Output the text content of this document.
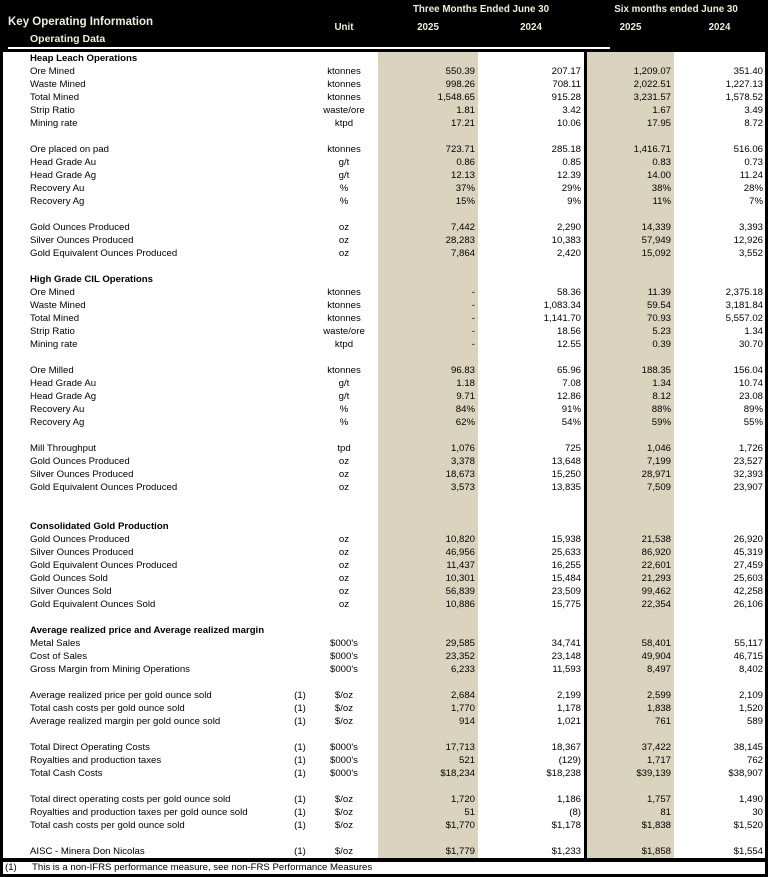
Key Operating Information
Operating Data
Unit
Three Months Ended June 30	Six months ended June 30
2025	2024	2025	2024
Heap Leach Operations
Ore Mined	ktonnes	550.39	207.17	1,209.07	351.40
Waste Mined	ktonnes	998.26	708.11	2,022.51	1,227.13
Total Mined	ktonnes	1,548.65	915.28	3,231.57	1,578.52
Strip Ratio	waste/ore	1.81	3.42	1.67	3.49
Mining rate	ktpd	17.21	10.06	17.95	8.72
Ore placed on pad	ktonnes	723.71	285.18	1,416.71	516.06
Head Grade Au	g/t	0.86	0.85	0.83	0.73
Head Grade Ag	g/t	12.13	12.39	14.00	11.24
Recovery Au	%	37%	29%	38%	28%
Recovery Ag	%	15%	9%	11%	7%
Gold Ounces Produced	oz	7,442	2,290	14,339	3,393
Silver Ounces Produced	oz	28,283	10,383	57,949	12,926
Gold Equivalent Ounces Produced	oz	7,864	2,420	15,092	3,552
High Grade CIL Operations
Ore Mined	ktonnes	-	58.36	11.39	2,375.18
Waste Mined	ktonnes	-	1,083.34	59.54	3,181.84
Total Mined	ktonnes	-	1,141.70	70.93	5,557.02
Strip Ratio	waste/ore	-	18.56	5.23	1.34
Mining rate	ktpd	-	12.55	0.39	30.70
Ore Milled	ktonnes	96.83	65.96	188.35	156.04
Head Grade Au	g/t	1.18	7.08	1.34	10.74
Head Grade Ag	g/t	9.71	12.86	8.12	23.08
Recovery Au	%	84%	91%	88%	89%
Recovery Ag	%	62%	54%	59%	55%
Mill Throughput	tpd	1,076	725	1,046	1,726
Gold Ounces Produced	oz	3,378	13,648	7,199	23,527
Silver Ounces Produced	oz	18,673	15,250	28,971	32,393
Gold Equivalent Ounces Produced	oz	3,573	13,835	7,509	23,907
Consolidated Gold Production
Gold Ounces Produced	oz	10,820	15,938	21,538	26,920
Silver Ounces Produced	oz	46,956	25,633	86,920	45,319
Gold Equivalent Ounces Produced	oz	11,437	16,255	22,601	27,459
Gold Ounces Sold	oz	10,301	15,484	21,293	25,603
Silver Ounces Sold	oz	56,839	23,509	99,462	42,258
Gold Equivalent Ounces Sold	oz	10,886	15,775	22,354	26,106
Average realized price and Average realized margin
Metal Sales	$000's	29,585	34,741	58,401	55,117
Cost of Sales	$000's	23,352	23,148	49,904	46,715
Gross Margin from Mining Operations	$000's	6,233	11,593	8,497	8,402
Average realized price per gold ounce sold	(1)	$/oz	2,684	2,199	2,599	2,109
Total cash costs per gold ounce sold	(1)	$/oz	1,770	1,178	1,838	1,520
Average realized margin per gold ounce sold	(1)	$/oz	914	1,021	761	589
Total Direct Operating Costs	(1)	$000's	17,713	18,367	37,422	38,145
Royalties and production taxes	(1)	$000's	521	(129)	1,717	762
Total Cash Costs	(1)	$000's	$18,234	$18,238	$39,139	$38,907
Total direct operating costs per gold ounce sold	(1)	$/oz	1,720	1,186	1,757	1,490
Royalties and production taxes per gold ounce sold	(1)	$/oz	51	(8)	81	30
Total cash costs per gold ounce sold	(1)	$/oz	$1,770	$1,178	$1,838	$1,520
AISC - Minera Don Nicolas	(1)	$/oz	$1,779	$1,233	$1,858	$1,554
(1)	This is a non-IFRS performance measure, see non-FRS Performance Measures
